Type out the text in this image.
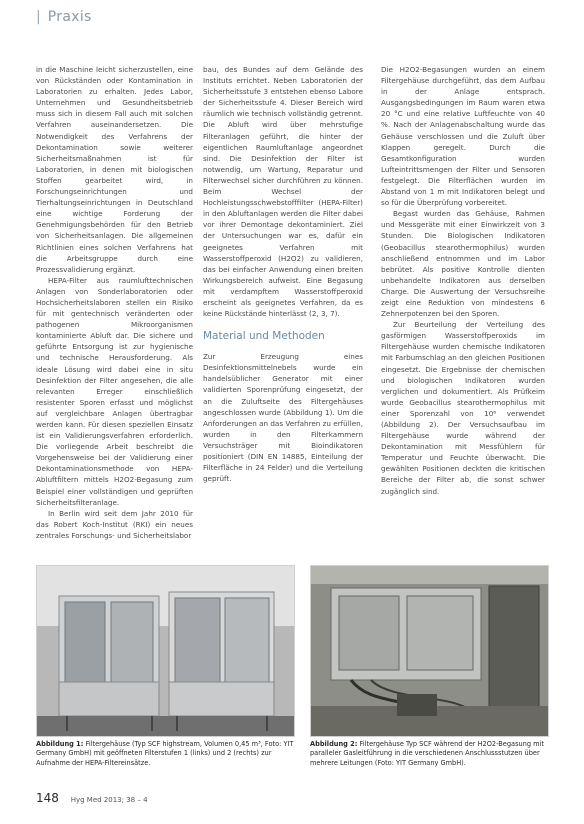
| Praxis

in die Maschine leicht sicherzustellen, eine von Rückständen oder Kontamination in Laboratorien zu erhalten. Jedes Labor, Unternehmen und Gesundheitsbetrieb muss sich in diesem Fall auch mit solchen Verfahren auseinandersetzen. Die Notwendigkeit des Verfahrens der Dekontamination sowie weiterer Sicherheitsmaßnahmen ist für Laboratorien, in denen mit biologischen Stoffen gearbeitet wird, in Forschungseinrichtungen und Tierhaltungseinrichtungen in Deutschland eine wichtige Forderung der Genehmigungsbehörden für den Betrieb von Sicherheitsanlagen. Die allgemeinen Richtlinien eines solchen Verfahrens hat die Arbeitsgruppe durch eine Prozessvalidierung ergänzt.

HEPA-Filter aus raumlufttechnischen Anlagen von Sonderlaboratorien oder Hochsicherheitslaboren stellen ein Risiko für mit gentechnisch veränderten oder pathogenen Mikroorganismen kontaminierte Abluft dar. Die sichere und geführte Entsorgung ist zur hygienische und technische Herausforderung. Als ideale Lösung wird dabei eine in situ Desinfektion der Filter angesehen, die alle relevanten Erreger einschließlich resistenter Sporen erfasst und möglichst auf vergleichbare Anlagen übertragbar werden kann. Für diesen speziellen Einsatz ist ein Validierungsverfahren erforderlich. Die vorliegende Arbeit beschreibt die Vorgehensweise bei der Validierung einer Dekontaminationsmethode von HEPA-Abluftfiltern mittels H2O2-Begasung zum Beispiel einer vollständigen und geprüften Sicherheitsfilteranlage.

In Berlin wird seit dem Jahr 2010 für das Robert Koch-Institut (RKI) ein neues zentrales Forschungs- und Sicherheitslabor

bau, des Bundes auf dem Gelände des Instituts errichtet. Neben Laboratorien der Sicherheitsstufe 3 entstehen ebenso Labore der Sicherheitsstufe 4. Dieser Bereich wird räumlich wie technisch vollständig getrennt. Die Abluft wird über mehrstufige Filteranlagen geführt, die hinter der eigentlichen Raumluftanlage angeordnet sind. Die Desinfektion der Filter ist notwendig, um Wartung, Reparatur und Filterwechsel sicher durchführen zu können. Beim Wechsel der Hochleistungsschwebstofffilter (HEPA-Filter) in den Abluftanlagen werden die Filter dabei vor ihrer Demontage dekontaminiert. Ziel der Untersuchungen war es, dafür ein geeignetes Verfahren mit Wasserstoffperoxid (H2O2) zu validieren, das bei einfacher Anwendung einen breiten Wirkungsbereich aufweist. Eine Begasung mit verdampftem Wasserstoffperoxid erscheint als geeignetes Verfahren, da es keine Rückstände hinterlässt (2, 3, 7).

Material und Methoden

Zur Erzeugung eines Desinfektionsmittelnebels wurde ein handelsüblicher Generator mit einer validierten Sporenprüfung eingesetzt, der an die Zuluftseite des Filtergehäuses angeschlossen wurde (Abbildung 1). Um die Anforderungen an das Verfahren zu erfüllen, wurden in den Filterkammern Versuchsträger mit Bioindikatoren positioniert (DIN EN 14885, Einteilung der Filterfläche in 24 Felder) und die Verteilung geprüft.

Die H2O2-Begasungen wurden an einem Filtergehäuse durchgeführt, das dem Aufbau in der Anlage entsprach. Ausgangsbedingungen im Raum waren etwa 20 °C und eine relative Luftfeuchte von 40 %. Nach der Anlagenabschaltung wurde das Gehäuse verschlossen und die Zuluft über Klappen geregelt. Durch die Gesamtkonfiguration wurden Lufteintrittsmengen der Filter und Sensoren festgelegt. Die Filterflächen wurden im Abstand von 1 m mit Indikatoren belegt und so für die Überprüfung vorbereitet.

Begast wurden das Gehäuse, Rahmen und Messgeräte mit einer Einwirkzeit von 3 Stunden. Die Biologischen Indikatoren (Geobacillus stearothermophilus) wurden anschließend entnommen und im Labor bebrütet. Als positive Kontrolle dienten unbehandelte Indikatoren aus derselben Charge. Die Auswertung der Versuchsreihe zeigt eine Reduktion von mindestens 6 Zehnerpotenzen bei den Sporen.

Zur Beurteilung der Verteilung des gasförmigen Wasserstoffperoxids im Filtergehäuse wurden chemische Indikatoren mit Farbumschlag an den gleichen Positionen eingesetzt. Die Ergebnisse der chemischen und biologischen Indikatoren wurden verglichen und dokumentiert. Als Prüfkeim wurde Geobacillus stearothermophilus mit einer Sporenzahl von 10⁶ verwendet (Abbildung 2). Der Versuchsaufbau im Filtergehäuse wurde während der Dekontamination mit Messfühlern für Temperatur und Feuchte überwacht. Die gewählten Positionen deckten die kritischen Bereiche der Filter ab, die sonst schwer zugänglich sind.

Abbildung 1: Filtergehäuse (Typ SCF highstream, Volumen 0,45 m³, Foto: YIT Germany GmbH) mit geöffneten Filterstufen 1 (links) und 2 (rechts) zur Aufnahme der HEPA-Filtereinsätze.
Abbildung 2: Filtergehäuse Typ SCF während der H2O2-Begasung mit paralleler Gasleitführung in die verschiedenen Anschlussstutzen über mehrere Leitungen (Foto: YIT Germany GmbH).
148 Hyg Med 2013; 38 – 4
